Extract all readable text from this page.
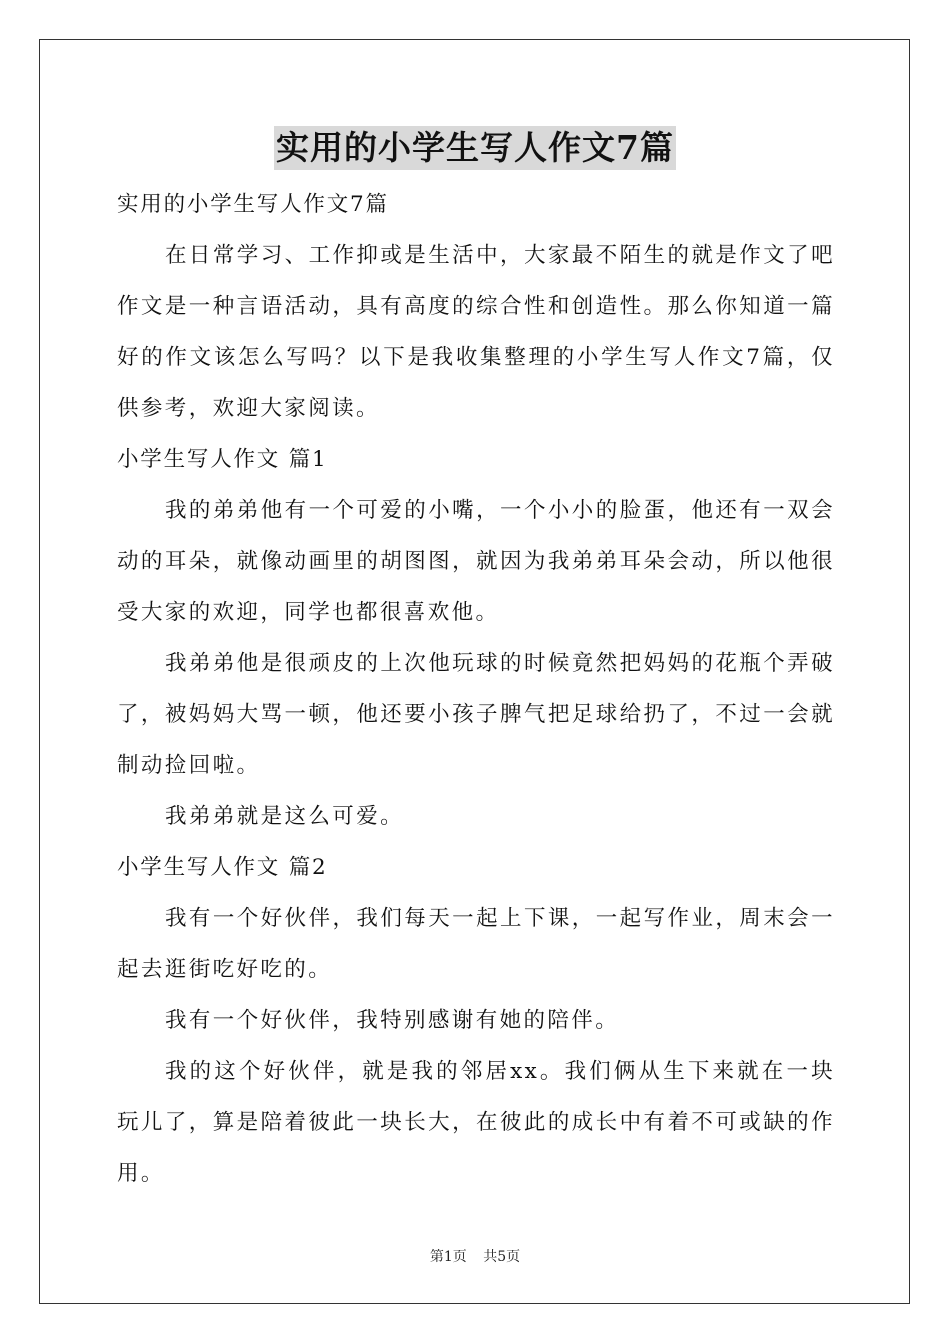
实用的小学生写人作文7篇

实用的小学生写人作文7篇

在日常学习、工作抑或是生活中，大家最不陌生的就是作文了吧作文是一种言语活动，具有高度的综合性和创造性。那么你知道一篇好的作文该怎么写吗？以下是我收集整理的小学生写人作文7篇，仅供参考，欢迎大家阅读。

小学生写人作文 篇1

我的弟弟他有一个可爱的小嘴，一个小小的脸蛋，他还有一双会动的耳朵，就像动画里的胡图图，就因为我弟弟耳朵会动，所以他很受大家的欢迎，同学也都很喜欢他。

我弟弟他是很顽皮的上次他玩球的时候竟然把妈妈的花瓶个弄破了，被妈妈大骂一顿，他还要小孩子脾气把足球给扔了，不过一会就制动捡回啦。

我弟弟就是这么可爱。

小学生写人作文 篇2

我有一个好伙伴，我们每天一起上下课，一起写作业，周末会一起去逛街吃好吃的。

我有一个好伙伴，我特别感谢有她的陪伴。

我的这个好伙伴，就是我的邻居xx。我们俩从生下来就在一块玩儿了，算是陪着彼此一块长大，在彼此的成长中有着不可或缺的作用。

第1页 共5页
